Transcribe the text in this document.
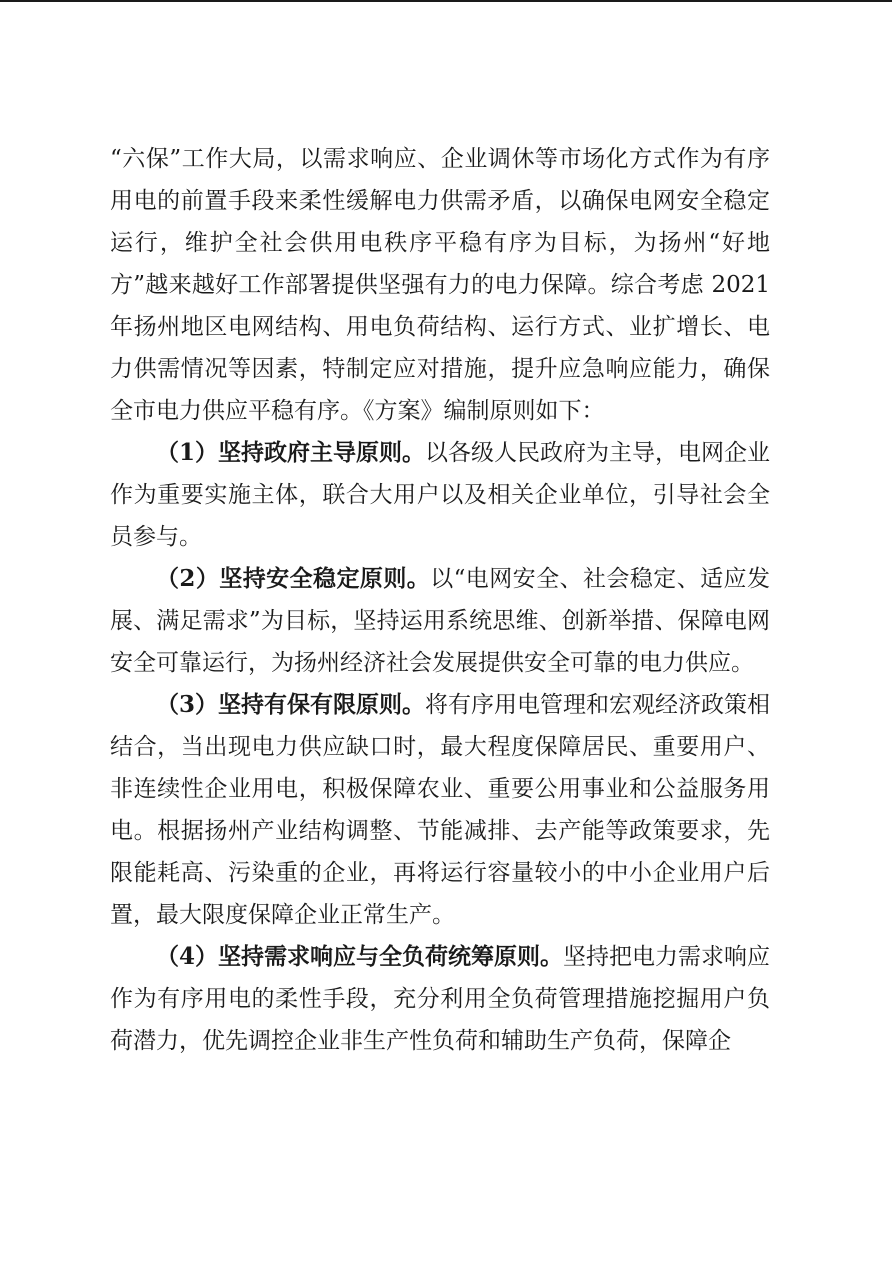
“六保”工作大局，以需求响应、企业调休等市场化方式作为有序用电的前置手段来柔性缓解电力供需矛盾，以确保电网安全稳定运行，维护全社会供用电秩序平稳有序为目标，为扬州“好地方”越来越好工作部署提供坚强有力的电力保障。综合考虑 2021 年扬州地区电网结构、用电负荷结构、运行方式、业扩增长、电力供需情况等因素，特制定应对措施，提升应急响应能力，确保全市电力供应平稳有序。《方案》编制原则如下：

（1）坚持政府主导原则。以各级人民政府为主导，电网企业作为重要实施主体，联合大用户以及相关企业单位，引导社会全员参与。

（2）坚持安全稳定原则。以“电网安全、社会稳定、适应发展、满足需求”为目标，坚持运用系统思维、创新举措、保障电网安全可靠运行，为扬州经济社会发展提供安全可靠的电力供应。

（3）坚持有保有限原则。将有序用电管理和宏观经济政策相结合，当出现电力供应缺口时，最大程度保障居民、重要用户、非连续性企业用电，积极保障农业、重要公用事业和公益服务用电。根据扬州产业结构调整、节能减排、去产能等政策要求，先限能耗高、污染重的企业，再将运行容量较小的中小企业用户后置，最大限度保障企业正常生产。

（4）坚持需求响应与全负荷统筹原则。坚持把电力需求响应作为有序用电的柔性手段，充分利用全负荷管理措施挖掘用户负荷潜力，优先调控企业非生产性负荷和辅助生产负荷，保障企
